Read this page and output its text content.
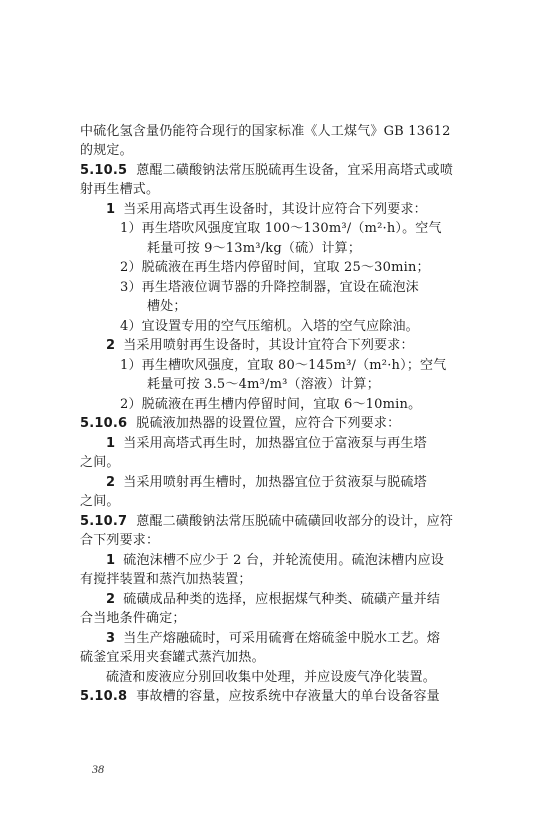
中硫化氢含量仍能符合现行的国家标准《人工煤气》GB 13612
的规定。
5.10.5 蒽醌二磺酸钠法常压脱硫再生设备，宜采用高塔式或喷
射再生槽式。
1 当采用高塔式再生设备时，其设计应符合下列要求：
1）再生塔吹风强度宜取 100～130m³/（m²·h）。空气
耗量可按 9～13m³/kg（硫）计算；
2）脱硫液在再生塔内停留时间，宜取 25～30min；
3）再生塔液位调节器的升降控制器，宜设在硫泡沫
槽处；
4）宜设置专用的空气压缩机。入塔的空气应除油。
2 当采用喷射再生设备时，其设计宜符合下列要求：
1）再生槽吹风强度，宜取 80～145m³/（m²·h）；空气
耗量可按 3.5～4m³/m³（溶液）计算；
2）脱硫液在再生槽内停留时间，宜取 6～10min。
5.10.6 脱硫液加热器的设置位置，应符合下列要求：
1 当采用高塔式再生时，加热器宜位于富液泵与再生塔
之间。
2 当采用喷射再生槽时，加热器宜位于贫液泵与脱硫塔
之间。
5.10.7 蒽醌二磺酸钠法常压脱硫中硫磺回收部分的设计，应符
合下列要求：
1 硫泡沫槽不应少于 2 台，并轮流使用。硫泡沫槽内应设
有搅拌装置和蒸汽加热装置；
2 硫磺成品种类的选择，应根据煤气种类、硫磺产量并结
合当地条件确定；
3 当生产熔融硫时，可采用硫膏在熔硫釜中脱水工艺。熔
硫釜宜采用夹套罐式蒸汽加热。
硫渣和废液应分别回收集中处理，并应设废气净化装置。
5.10.8 事故槽的容量，应按系统中存液量大的单台设备容量
38
